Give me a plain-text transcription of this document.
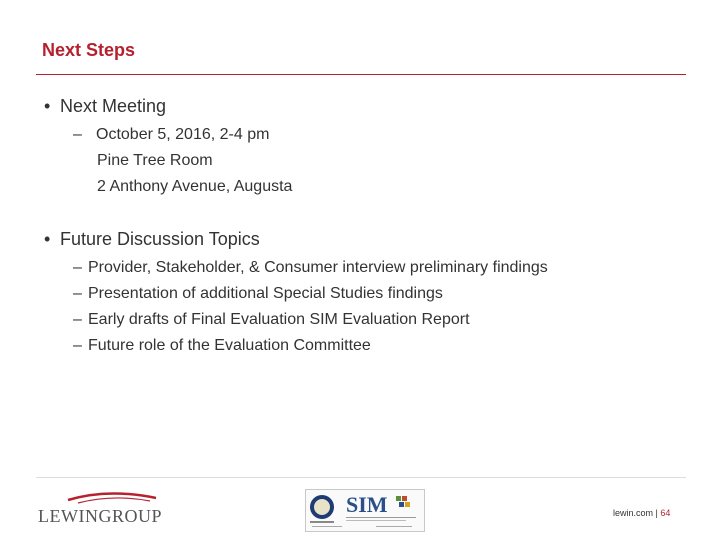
Next Steps
• Next Meeting
– October 5, 2016, 2-4 pm
Pine Tree Room
2 Anthony Avenue, Augusta
• Future Discussion Topics
– Provider, Stakeholder, & Consumer interview preliminary findings
– Presentation of additional Special Studies findings
– Early drafts of Final Evaluation SIM Evaluation Report
– Future role of the Evaluation Committee
LEWINGROUP	SIM	lewin.com | 64
